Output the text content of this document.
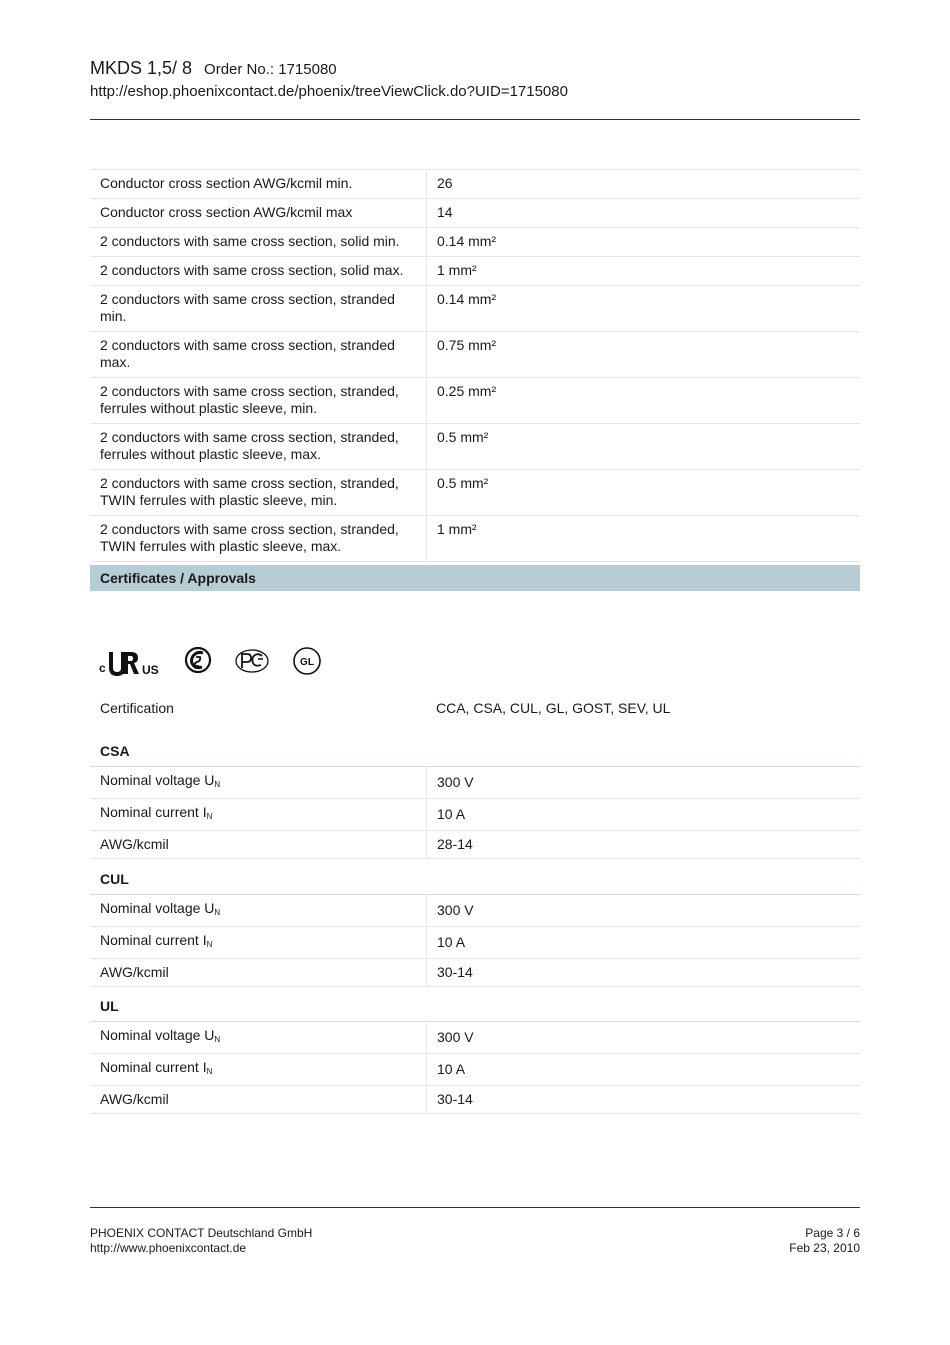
MKDS 1,5/ 8 Order No.: 1715080
http://eshop.phoenixcontact.de/phoenix/treeViewClick.do?UID=1715080
Conductor cross section AWG/kcmil min.	26
Conductor cross section AWG/kcmil max	14
2 conductors with same cross section, solid min.	0.14 mm²
2 conductors with same cross section, solid max.	1 mm²
2 conductors with same cross section, stranded min.	0.14 mm²
2 conductors with same cross section, stranded max.	0.75 mm²
2 conductors with same cross section, stranded, ferrules without plastic sleeve, min.	0.25 mm²
2 conductors with same cross section, stranded, ferrules without plastic sleeve, max.	0.5 mm²
2 conductors with same cross section, stranded, TWIN ferrules with plastic sleeve, min.	0.5 mm²
2 conductors with same cross section, stranded, TWIN ferrules with plastic sleeve, max.	1 mm²
Certificates / Approvals
c	US
GL
Certification	CCA, CSA, CUL, GL, GOST, SEV, UL
CSA
Nominal voltage $U_N$	300 V
Nominal current $I_N$	10 A
AWG/kcmil	28-14
CUL
Nominal voltage $U_N$	300 V
Nominal current $I_N$	10 A
AWG/kcmil	30-14
UL
Nominal voltage $U_N$	300 V
Nominal current $I_N$	10 A
AWG/kcmil	30-14
PHOENIX CONTACT Deutschland GmbH
http://www.phoenixcontact.de
Page 3 / 6
Feb 23, 2010
